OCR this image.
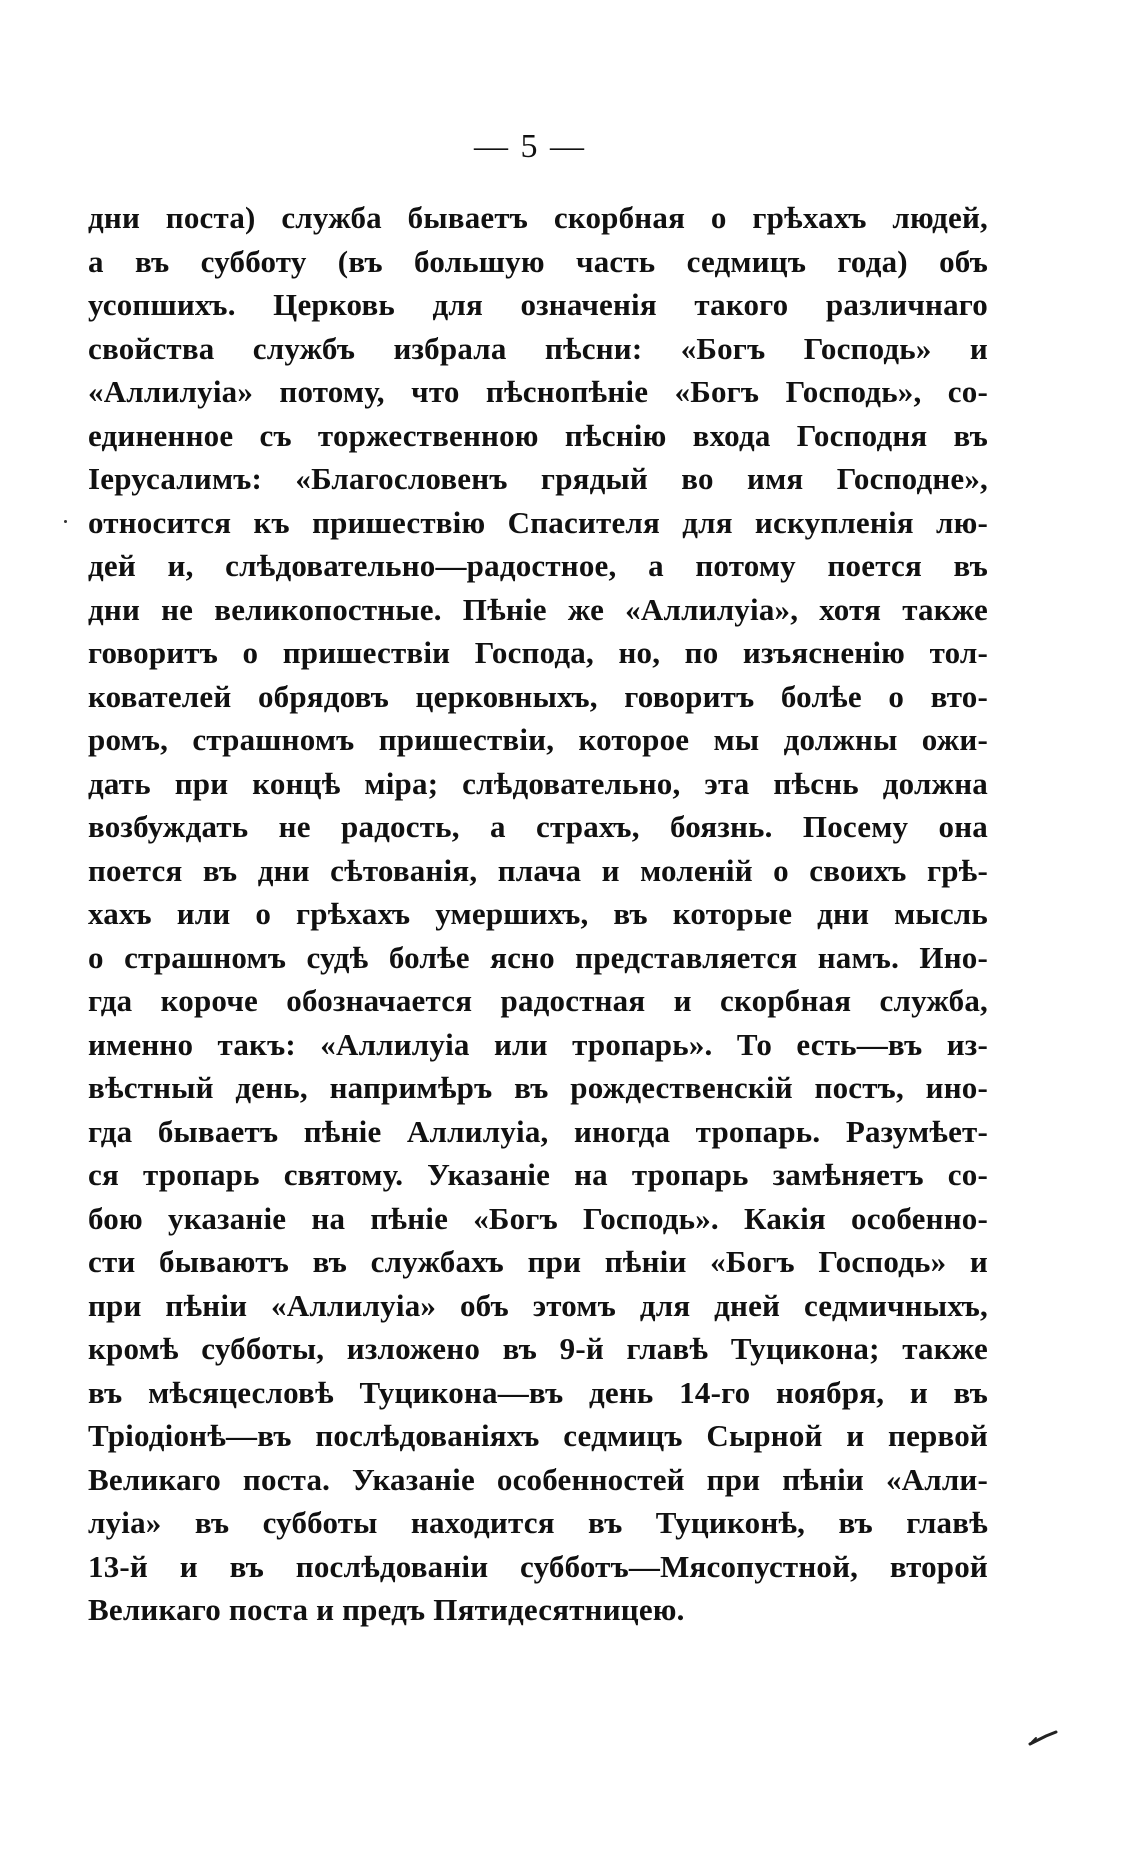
— 5 —
дни поста) служба бываетъ скорбная о грѣхахъ людей,
а въ субботу (въ большую часть седмицъ года) объ
усопшихъ. Церковь для означенія такого различнаго
свойства службъ избрала пѣсни: «Богъ Господь» и
«Аллилуіа» потому, что пѣснопѣніе «Богъ Господь», со-
единенное съ торжественною пѣснію входа Господня въ
Іерусалимъ: «Благословенъ грядый во имя Господне»,
относится къ пришествію Спасителя для искупленія лю-
дей и, слѣдовательно—радостное, а потому поется въ
дни не великопостные. Пѣніе же «Аллилуіа», хотя также
говоритъ о пришествіи Господа, но, по изъясненію тол-
кователей обрядовъ церковныхъ, говоритъ болѣе о вто-
ромъ, страшномъ пришествіи, которое мы должны ожи-
дать при концѣ міра; слѣдовательно, эта пѣснь должна
возбуждать не радость, а страхъ, боязнь. Посему она
поется въ дни сѣтованія, плача и моленій о своихъ грѣ-
хахъ или о грѣхахъ умершихъ, въ которые дни мысль
о страшномъ судѣ болѣе ясно представляется намъ. Ино-
гда короче обозначается радостная и скорбная служба,
именно такъ: «Аллилуіа или тропарь». То есть—въ из-
вѣстный день, напримѣръ въ рождественскій постъ, ино-
гда бываетъ пѣніе Аллилуіа, иногда тропарь. Разумѣет-
ся тропарь святому. Указаніе на тропарь замѣняетъ со-
бою указаніе на пѣніе «Богъ Господь». Какія особенно-
сти бываютъ въ службахъ при пѣніи «Богъ Господь» и
при пѣніи «Аллилуіа» объ этомъ для дней седмичныхъ,
кромѣ субботы, изложено въ 9-й главѣ Туцикона; также
въ мѣсяцесловѣ Туцикона—въ день 14-го ноября, и въ
Тріодіонѣ—въ послѣдованіяхъ седмицъ Сырной и первой
Великаго поста. Указаніе особенностей при пѣніи «Алли-
луіа» въ субботы находится въ Туциконѣ, въ главѣ
13-й и въ послѣдованіи субботъ—Мясопустной, второй
Великаго поста и предъ Пятидесятницею.
